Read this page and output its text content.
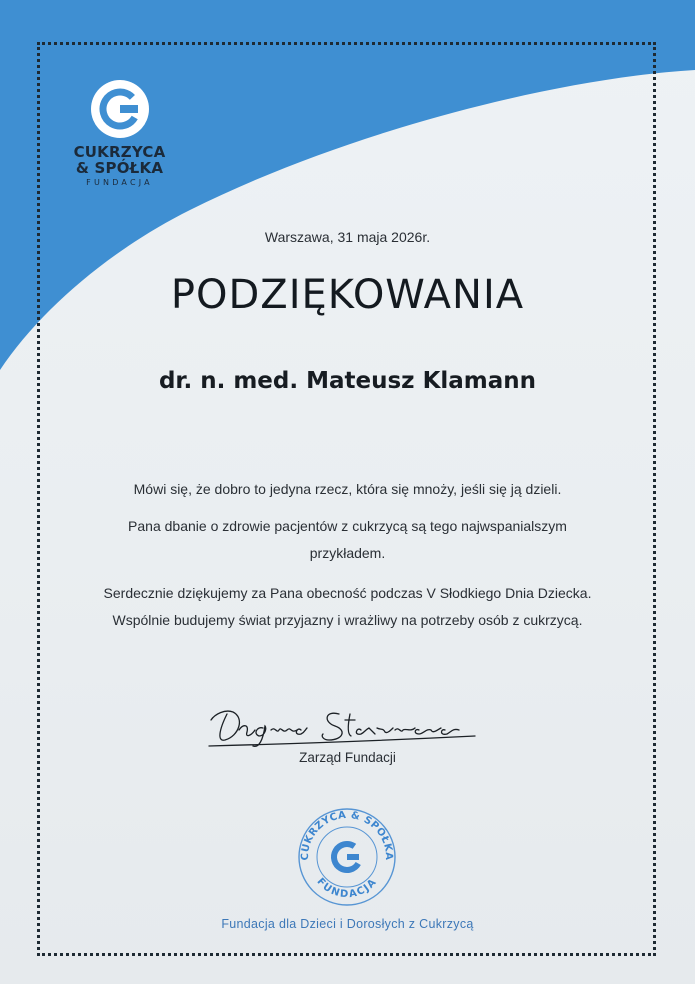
CUKRZYCA
& SPÓŁKA
FUNDACJA
Warszawa, 31 maja 2026r.
PODZIĘKOWANIA
dr. n. med. Mateusz Klamann
Mówi się, że dobro to jedyna rzecz, która się mnoży, jeśli się ją dzieli.
Pana dbanie o zdrowie pacjentów z cukrzycą są tego najwspanialszym
przykładem.
Serdecznie dziękujemy za Pana obecność podczas V Słodkiego Dnia Dziecka.
Wspólnie budujemy świat przyjazny i wrażliwy na potrzeby osób z cukrzycą.
Zarząd Fundacji
CUKRZYCA & SPÓŁKA
FUNDACJA
Fundacja dla Dzieci i Dorosłych z Cukrzycą
